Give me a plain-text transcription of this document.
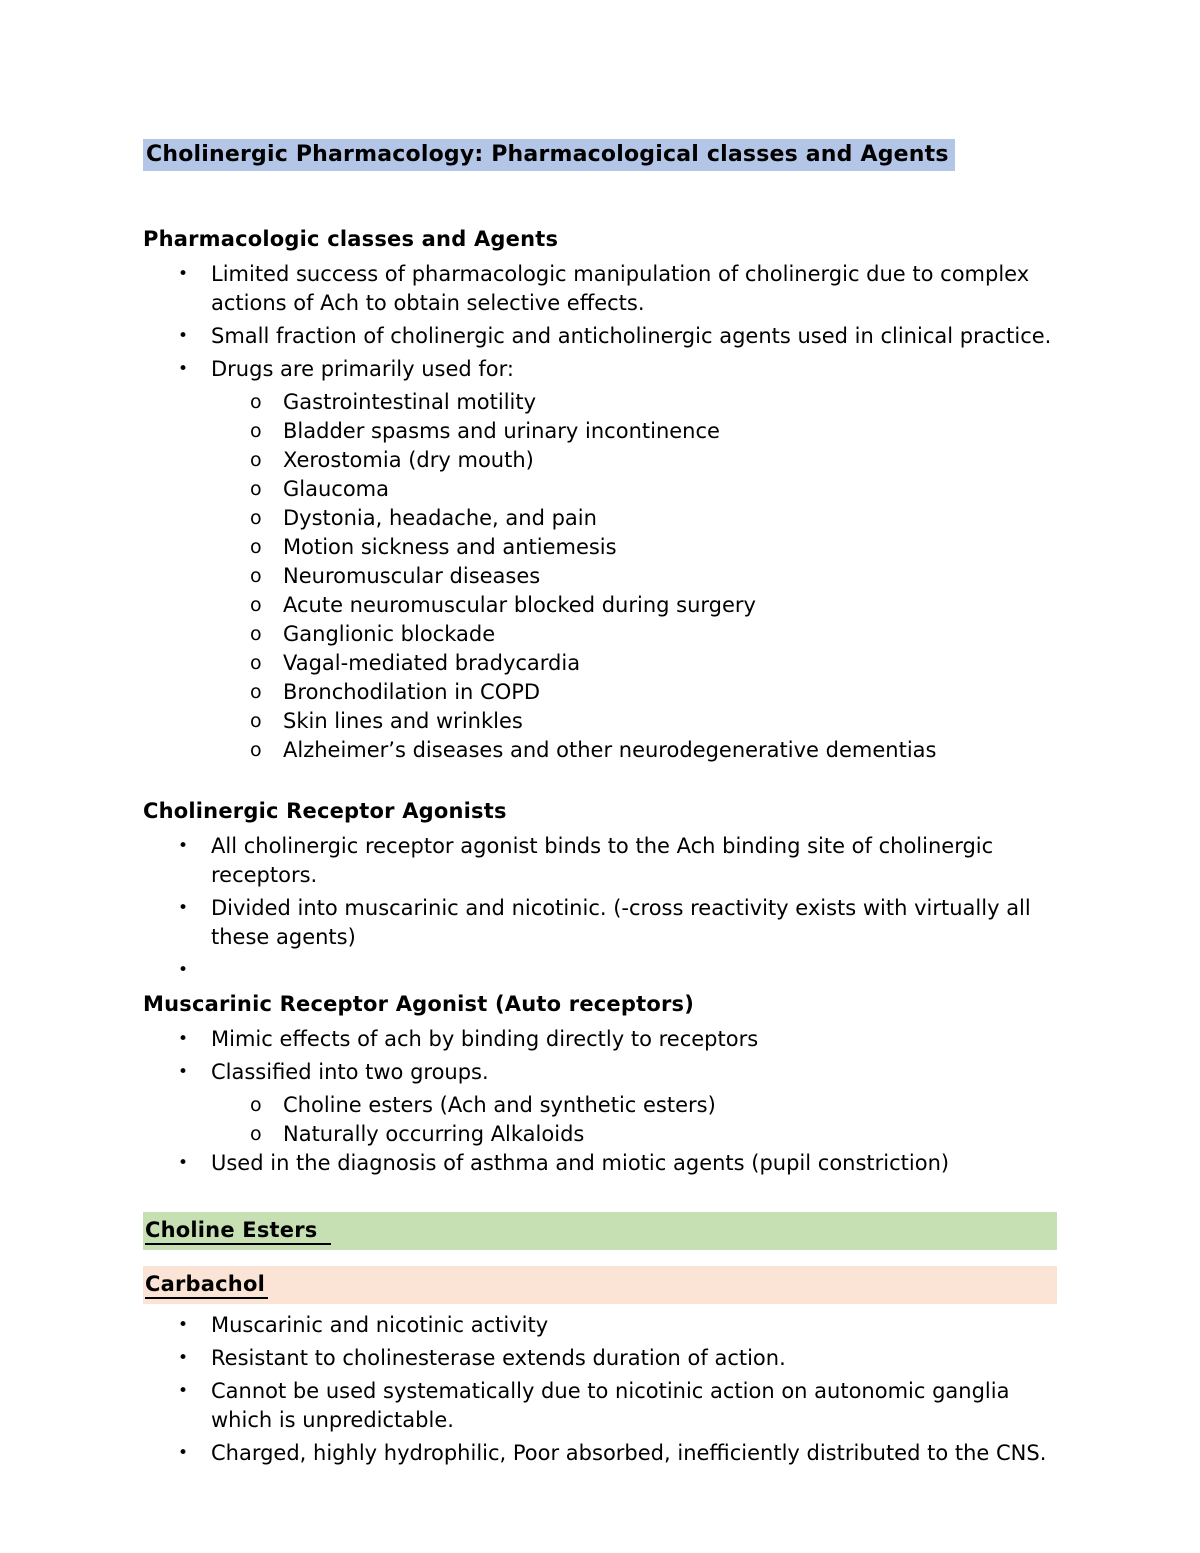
Cholinergic Pharmacology: Pharmacological classes and Agents
Pharmacologic classes and Agents
•	Limited success of pharmacologic manipulation of cholinergic due to complex actions of Ach to obtain selective effects.
•	Small fraction of cholinergic and anticholinergic agents used in clinical practice.
•	Drugs are primarily used for:
o	Gastrointestinal motility
o	Bladder spasms and urinary incontinence
o	Xerostomia (dry mouth)
o	Glaucoma
o	Dystonia, headache, and pain
o	Motion sickness and antiemesis
o	Neuromuscular diseases
o	Acute neuromuscular blocked during surgery
o	Ganglionic blockade
o	Vagal-mediated bradycardia
o	Bronchodilation in COPD
o	Skin lines and wrinkles
o	Alzheimer’s diseases and other neurodegenerative dementias
Cholinergic Receptor Agonists
•	All cholinergic receptor agonist binds to the Ach binding site of cholinergic receptors.
•	Divided into muscarinic and nicotinic. (-cross reactivity exists with virtually all these agents)
•
Muscarinic Receptor Agonist (Auto receptors)
•	Mimic effects of ach by binding directly to receptors
•	Classified into two groups.
o	Choline esters (Ach and synthetic esters)
o	Naturally occurring Alkaloids
•	Used in the diagnosis of asthma and miotic agents (pupil constriction)
Choline Esters
Carbachol
•	Muscarinic and nicotinic activity
•	Resistant to cholinesterase extends duration of action.
•	Cannot be used systematically due to nicotinic action on autonomic ganglia which is unpredictable.
•	Charged, highly hydrophilic, Poor absorbed, inefficiently distributed to the CNS.
